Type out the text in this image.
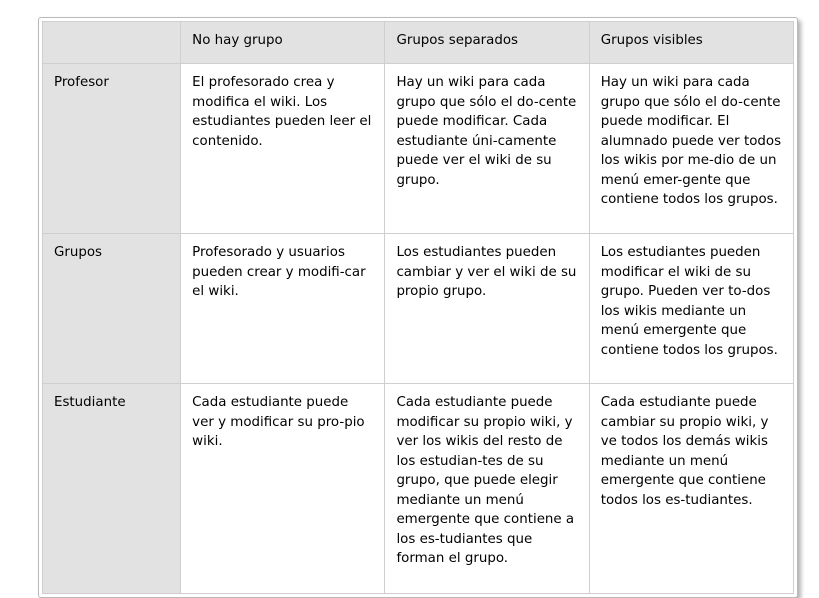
	No hay grupo	Grupos separados	Grupos visibles
Profesor	El profesorado crea y modifica el wiki. Los estudiantes pueden leer el contenido.	Hay un wiki para cada grupo que sólo el do-cente puede modificar. Cada estudiante úni-camente puede ver el wiki de su grupo.	Hay un wiki para cada grupo que sólo el do-cente puede modificar. El alumnado puede ver todos los wikis por me-dio de un menú emer-gente que contiene todos los grupos.

Grupos	Profesorado y usuarios pueden crear y modifi-car el wiki.	Los estudiantes pueden cambiar y ver el wiki de su propio grupo.	Los estudiantes pueden modificar el wiki de su grupo. Pueden ver to-dos los wikis mediante un menú emergente que contiene todos los grupos.

Estudiante	Cada estudiante puede ver y modificar su pro-pio wiki.	Cada estudiante puede modificar su propio wiki, y ver los wikis del resto de los estudian-tes de su grupo, que puede elegir mediante un menú emergente que contiene a los es-tudiantes que forman el grupo.	Cada estudiante puede cambiar su propio wiki, y ve todos los demás wikis mediante un menú emergente que contiene todos los es-tudiantes.
